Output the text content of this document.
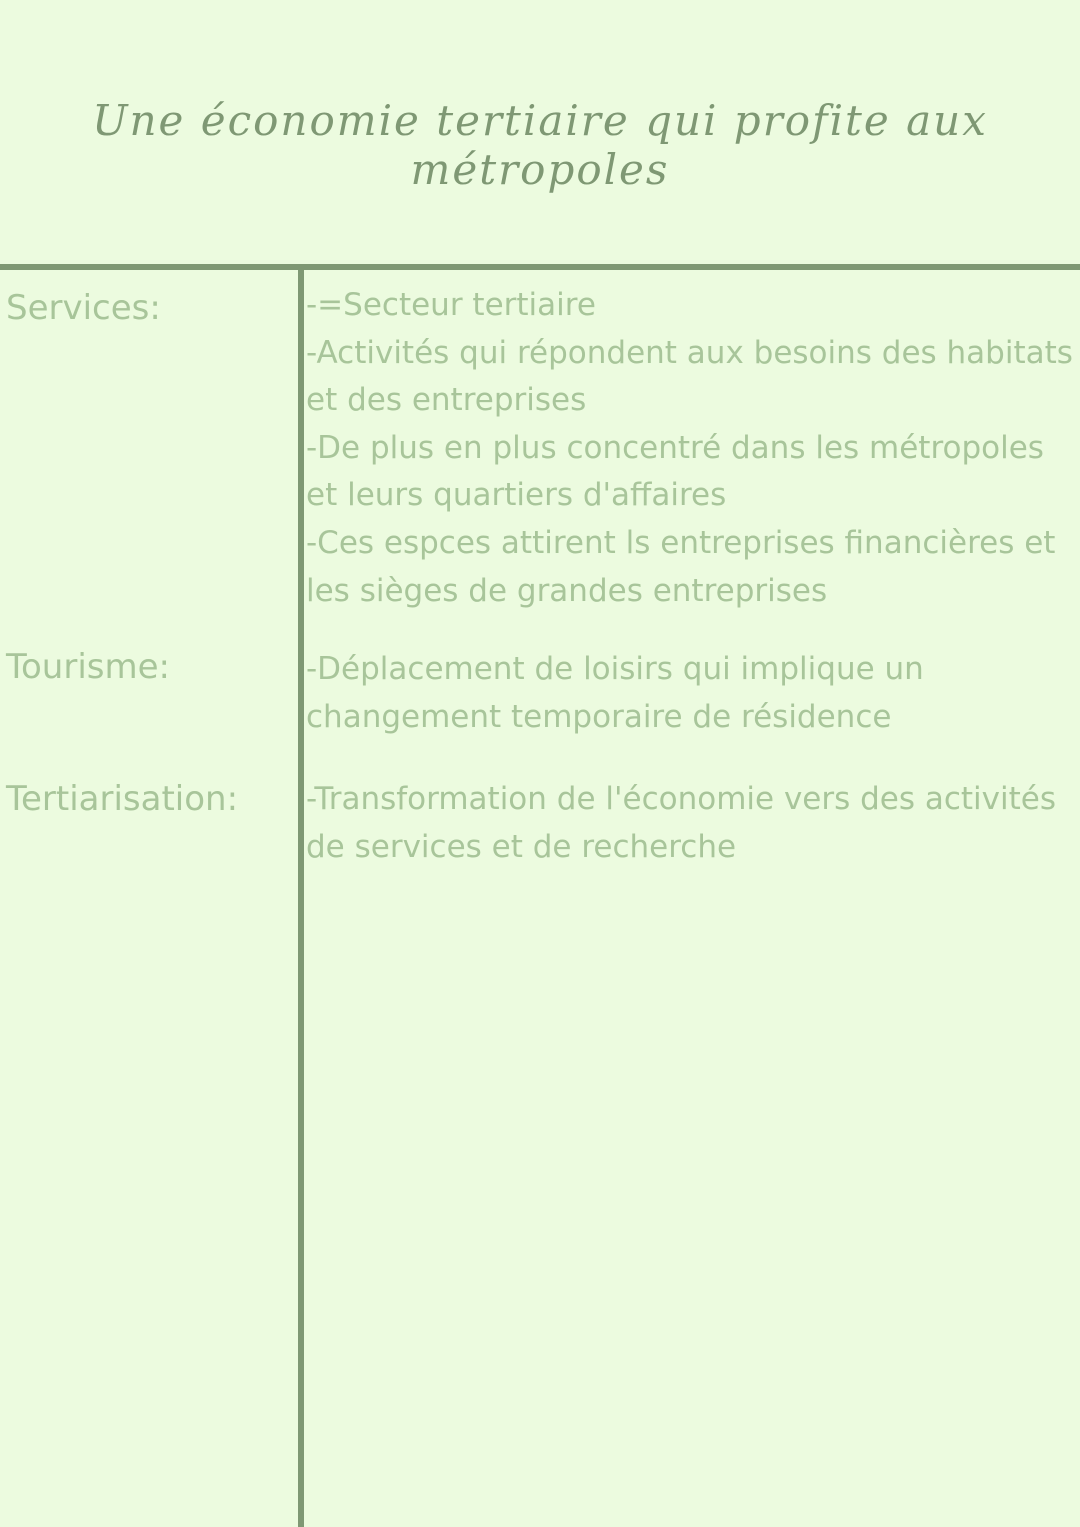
Une économie tertiaire qui profite aux métropoles

Services:	-=Secteur tertiaire
-Activités qui répondent aux besoins des habitats et des entreprises
-De plus en plus concentré dans les métropoles et leurs quartiers d'affaires
-Ces espces attirent ls entreprises financières et les sièges de grandes entreprises

Tourisme:	-Déplacement de loisirs qui implique un changement temporaire de résidence

Tertiarisation: -Transformation de l'économie vers des activités de services et de recherche
